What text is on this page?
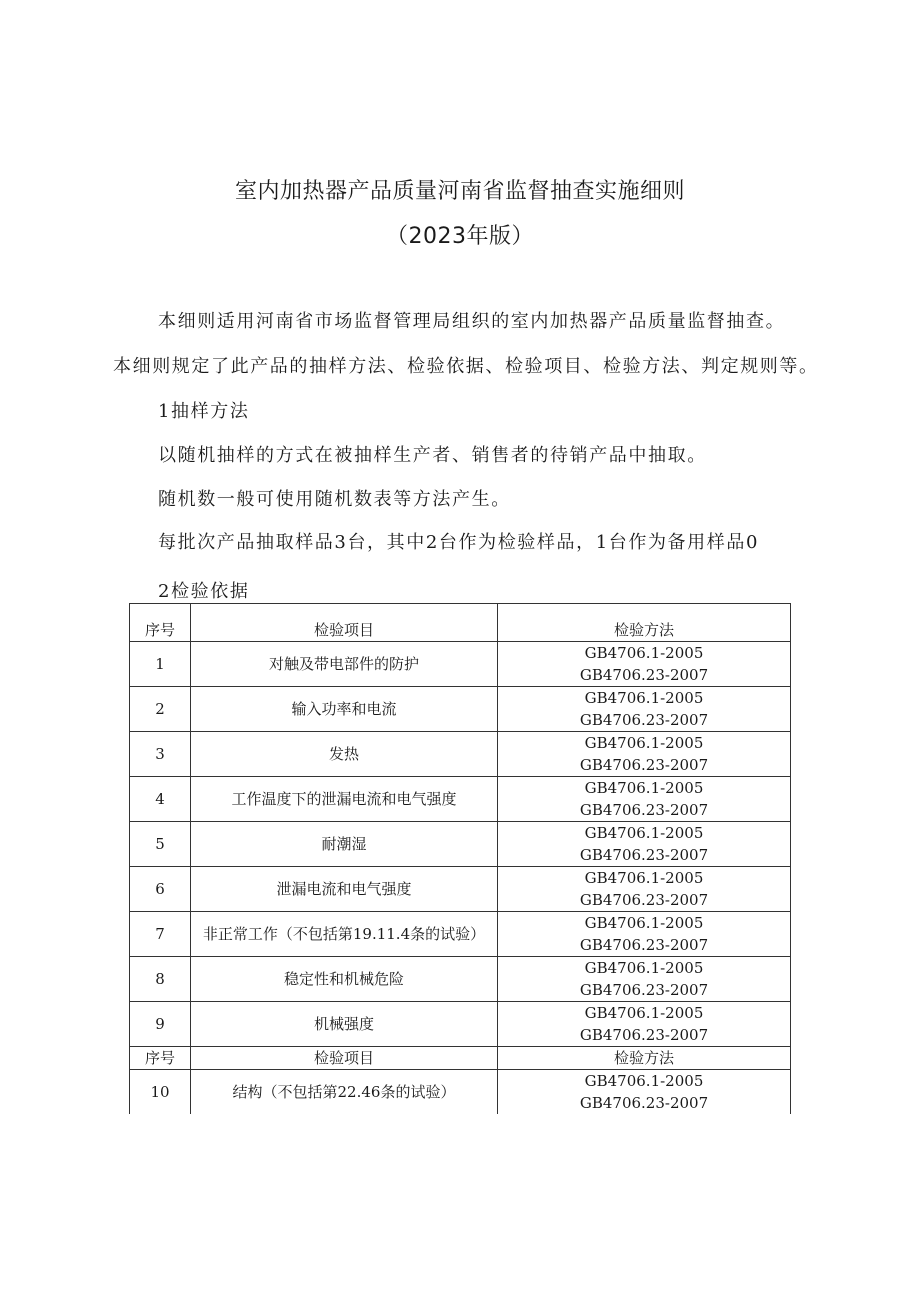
室内加热器产品质量河南省监督抽查实施细则
（2023年版）
本细则适用河南省市场监督管理局组织的室内加热器产品质量监督抽查。
本细则规定了此产品的抽样方法、检验依据、检验项目、检验方法、判定规则等。
1抽样方法
以随机抽样的方式在被抽样生产者、销售者的待销产品中抽取。
随机数一般可使用随机数表等方法产生。
每批次产品抽取样品3台，其中2台作为检验样品，1台作为备用样品0
2检验依据
序号	检验项目	检验方法
1	对触及带电部件的防护	GB4706.1-2005
GB4706.23-2007

2	输入功率和电流	GB4706.1-2005
GB4706.23-2007

3	发热	GB4706.1-2005
GB4706.23-2007

4	工作温度下的泄漏电流和电气强度	GB4706.1-2005
GB4706.23-2007

5	耐潮湿	GB4706.1-2005
GB4706.23-2007

6	泄漏电流和电气强度	GB4706.1-2005
GB4706.23-2007

7	非正常工作（不包括第19.11.4条的试验）	GB4706.1-2005
GB4706.23-2007

8	稳定性和机械危险	GB4706.1-2005
GB4706.23-2007

9	机械强度	GB4706.1-2005
GB4706.23-2007

序号	检验项目	检验方法
10	结构（不包括第22.46条的试验）	GB4706.1-2005
GB4706.23-2007
